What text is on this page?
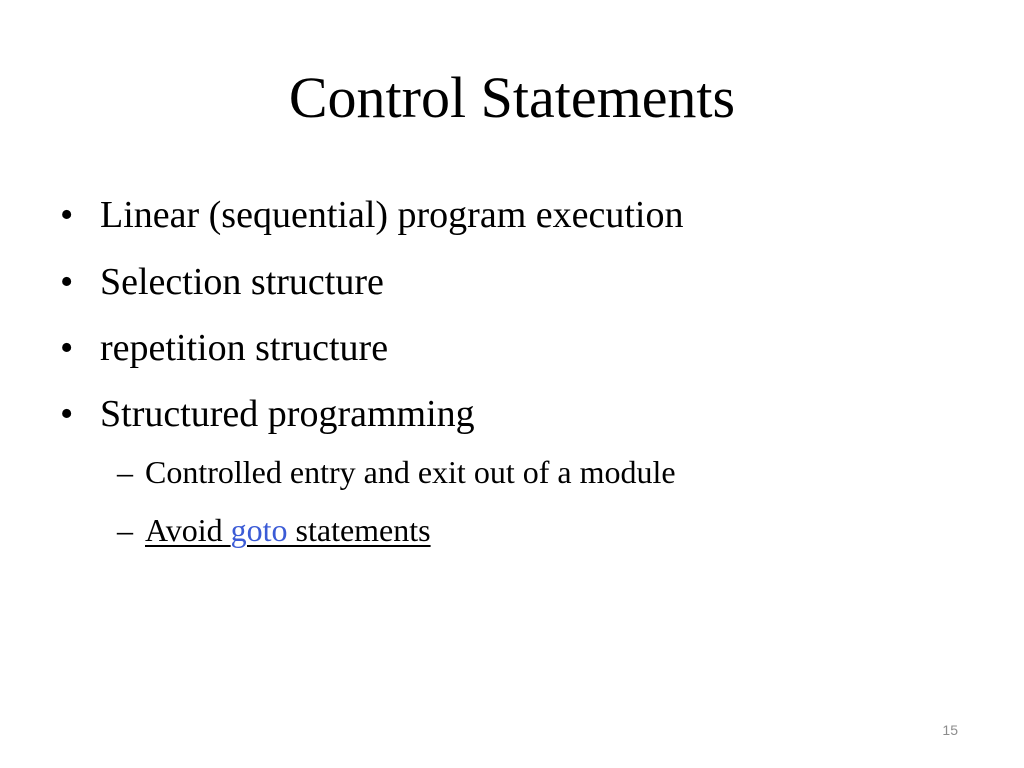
Control Statements
• Linear (sequential) program execution
• Selection structure
• repetition structure
• Structured programming
– Controlled entry and exit out of a module
– Avoid goto statements
15
